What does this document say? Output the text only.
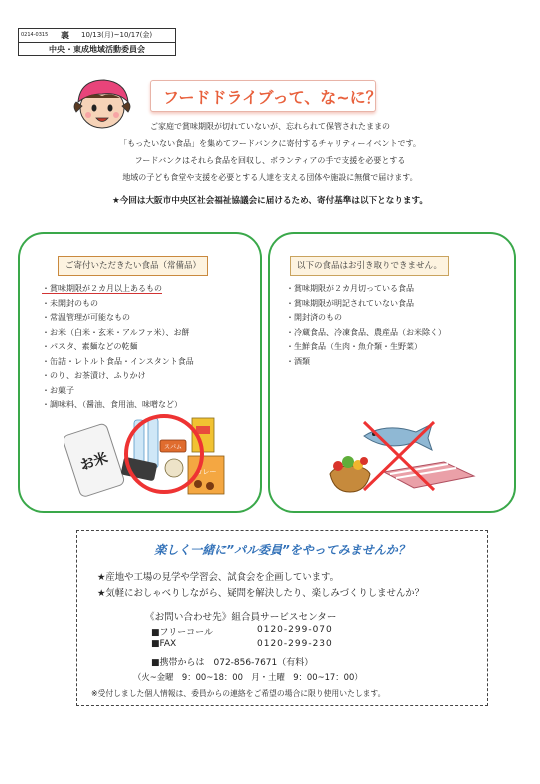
0214-0315 裏 10/13(月)~10/17(金)
中央・東成地域活動委員会
フードドライブって、な~に？
ご家庭で賞味期限が切れていないが、忘れられて保管されたままの
「もったいない食品」を集めてフードバンクに寄付するチャリティーイベントです。
フードバンクはそれら食品を回収し、ボランティアの手で支援を必要とする
地域の子ども食堂や支援を必要とする人達を支える団体や施設に無償で届けます。
★今回は大阪市中央区社会福祉協議会に届けるため、寄付基準は以下となります。
ご寄付いただきたい食品（常備品）
・賞味期限が２カ月以上あるもの
・未開封のもの
・常温管理が可能なもの
・お米（白米・玄米・アルファ米）、お餅
・パスタ、素麺などの乾麺
・缶詰・レトルト食品・インスタント食品
・のり、お茶漬け、ふりかけ
・お菓子
・調味料、（醤油、食用油、味噌など）
お米
スパム
カレー
以下の食品はお引き取りできません。
・賞味期限が２カ月切っている食品
・賞味期限が明記されていない食品
・開封済のもの
・冷蔵食品、冷凍食品、農産品（お米除く）
・生鮮食品（生肉・魚介類・生野菜）
・酒類
楽しく一緒に”パル委員”をやってみませんか？
★産地や工場の見学や学習会、試食会を企画しています。
★気軽におしゃべりしながら、疑問を解決したり、楽しみづくりしませんか？
《お問い合わせ先》組合員サービスセンター
■フリーコール	0120-299-070
■FAX	0120-299-230
■携帯からは　072-856-7671（有料）
（火~金曜　9：00~18：00　月・土曜　9：00~17：00）
※受付しました個人情報は、委員からの連絡をご希望の場合に限り使用いたします。
